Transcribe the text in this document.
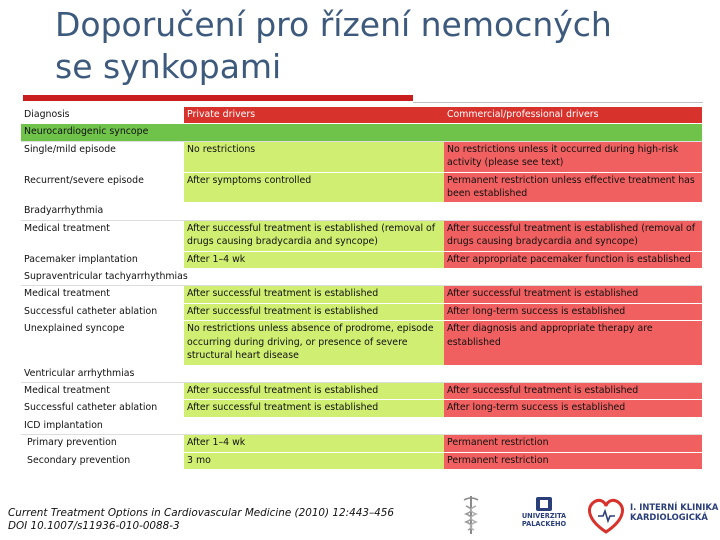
Doporučení pro řízení nemocných
se synkopami
Diagnosis	Private drivers	Commercial/professional drivers
Neurocardiogenic syncope		
Single/mild episode	No restrictions	No restrictions unless it occurred during high-risk activity (please see text)
Recurrent/severe episode	After symptoms controlled	Permanent restriction unless effective treatment has been established
Bradyarrhythmia		
Medical treatment	After successful treatment is established (removal of drugs causing bradycardia and syncope)	After successful treatment is established (removal of drugs causing bradycardia and syncope)
Pacemaker implantation	After 1–4 wk	After appropriate pacemaker function is established
Supraventricular tachyarrhythmias		
Medical treatment	After successful treatment is established	After successful treatment is established
Successful catheter ablation	After successful treatment is established	After long-term success is established
Unexplained syncope	No restrictions unless absence of prodrome, episode occurring during driving, or presence of severe structural heart disease	After diagnosis and appropriate therapy are established
Ventricular arrhythmias		
Medical treatment	After successful treatment is established	After successful treatment is established
Successful catheter ablation	After successful treatment is established	After long-term success is established
ICD implantation		
Primary prevention	After 1–4 wk	Permanent restriction
Secondary prevention	3 mo	Permanent restriction
Current Treatment Options in Cardiovascular Medicine (2010) 12:443–456
DOI 10.1007/s11936-010-0088-3
UNIVERZITA PALACKÉHO
I. INTERNÍ KLINIKA
KARDIOLOGICKÁ
